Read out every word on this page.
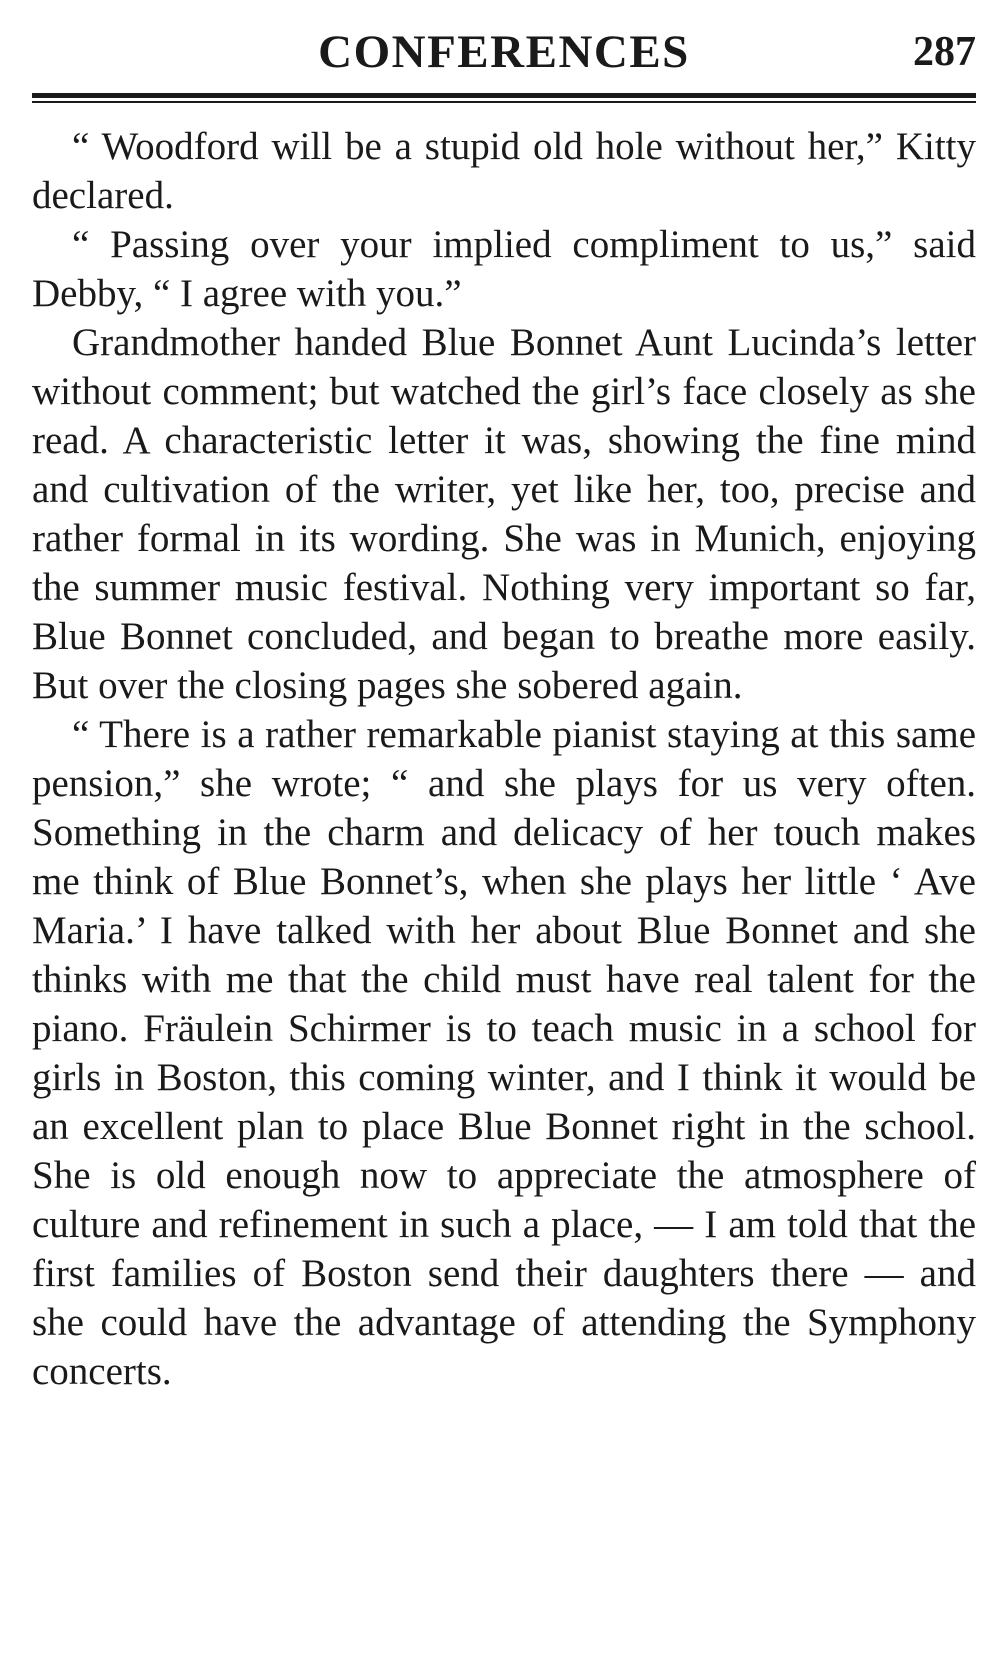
CONFERENCES	287

“ Woodford will be a stupid old hole without her,” Kitty declared.

“ Passing over your implied compliment to us,” said Debby, “ I agree with you.”

Grandmother handed Blue Bonnet Aunt Lucinda’s letter without comment; but watched the girl’s face closely as she read. A characteristic letter it was, showing the fine mind and cultivation of the writer, yet like her, too, precise and rather formal in its wording. She was in Munich, enjoying the summer music festival. Nothing very important so far, Blue Bonnet concluded, and began to breathe more easily. But over the closing pages she sobered again.

“ There is a rather remarkable pianist staying at this same pension,” she wrote; “ and she plays for us very often. Something in the charm and delicacy of her touch makes me think of Blue Bonnet’s, when she plays her little ‘ Ave Maria.’ I have talked with her about Blue Bonnet and she thinks with me that the child must have real talent for the piano. Fräulein Schirmer is to teach music in a school for girls in Boston, this coming winter, and I think it would be an excellent plan to place Blue Bonnet right in the school. She is old enough now to appreciate the atmosphere of culture and refinement in such a place, — I am told that the first families of Boston send their daughters there — and she could have the advantage of attending the Symphony concerts.
